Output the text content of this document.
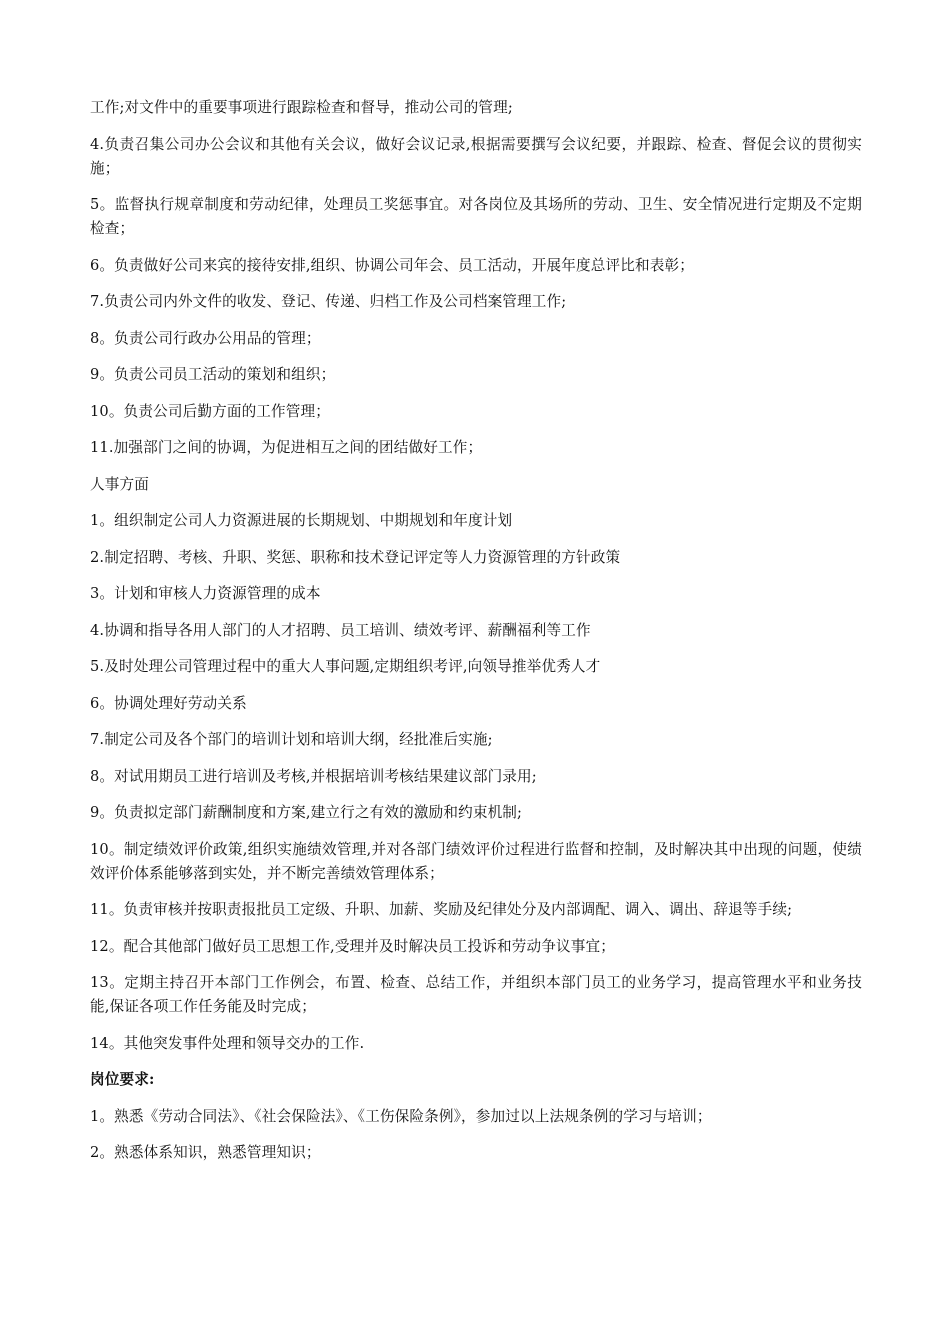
工作;对文件中的重要事项进行跟踪检查和督导，推动公司的管理;

4.负责召集公司办公会议和其他有关会议，做好会议记录,根据需要撰写会议纪要，并跟踪、检查、督促会议的贯彻实施；

5。监督执行规章制度和劳动纪律，处理员工奖惩事宜。对各岗位及其场所的劳动、卫生、安全情况进行定期及不定期检查；

6。负责做好公司来宾的接待安排,组织、协调公司年会、员工活动，开展年度总评比和表彰；

7.负责公司内外文件的收发、登记、传递、归档工作及公司档案管理工作;

8。负责公司行政办公用品的管理；

9。负责公司员工活动的策划和组织；

10。负责公司后勤方面的工作管理；

11.加强部门之间的协调，为促进相互之间的团结做好工作；

人事方面

1。组织制定公司人力资源进展的长期规划、中期规划和年度计划

2.制定招聘、考核、升职、奖惩、职称和技术登记评定等人力资源管理的方针政策

3。计划和审核人力资源管理的成本

4.协调和指导各用人部门的人才招聘、员工培训、绩效考评、薪酬福利等工作

5.及时处理公司管理过程中的重大人事问题,定期组织考评,向领导推举优秀人才

6。协调处理好劳动关系

7.制定公司及各个部门的培训计划和培训大纲，经批准后实施;

8。对试用期员工进行培训及考核,并根据培训考核结果建议部门录用;

9。负责拟定部门薪酬制度和方案,建立行之有效的激励和约束机制;

10。制定绩效评价政策,组织实施绩效管理,并对各部门绩效评价过程进行监督和控制，及时解决其中出现的问题，使绩效评价体系能够落到实处，并不断完善绩效管理体系；

11。负责审核并按职责报批员工定级、升职、加薪、奖励及纪律处分及内部调配、调入、调出、辞退等手续;

12。配合其他部门做好员工思想工作,受理并及时解决员工投诉和劳动争议事宜；

13。定期主持召开本部门工作例会，布置、检查、总结工作，并组织本部门员工的业务学习，提高管理水平和业务技能,保证各项工作任务能及时完成；

14。其他突发事件处理和领导交办的工作.

岗位要求:

1。熟悉《劳动合同法》、《社会保险法》、《工伤保险条例》，参加过以上法规条例的学习与培训；

2。熟悉体系知识，熟悉管理知识；
